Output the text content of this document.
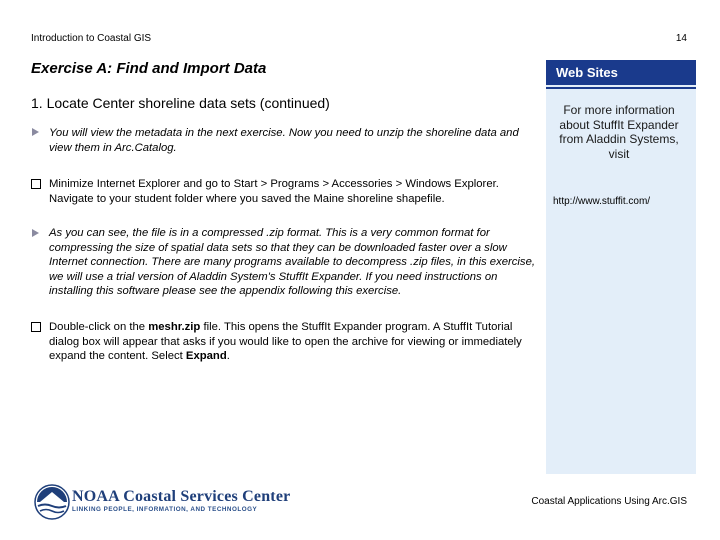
Introduction to Coastal GIS	14
Exercise A: Find and Import Data
1. Locate Center shoreline data sets (continued)
You will view the metadata in the next exercise. Now you need to unzip the shoreline data and view them in Arc.Catalog.
Minimize Internet Explorer and go to Start > Programs > Accessories > Windows Explorer. Navigate to your student folder where you saved the Maine shoreline shapefile.
As you can see, the file is in a compressed .zip format. This is a very common format for compressing the size of spatial data sets so that they can be downloaded faster over a slow Internet connection. There are many programs available to decompress .zip files, in this exercise, we will use a trial version of Aladdin System's StuffIt Expander. If you need instructions on installing this software please see the appendix following this exercise.
Double-click on the meshr.zip file. This opens the StuffIt Expander program. A StuffIt Tutorial dialog box will appear that asks if you would like to open the archive for viewing or immediately expand the content. Select Expand.
Web Sites
For more information about StuffIt Expander from Aladdin Systems, visit
http://www.stuffit.com/
NOAA Coastal Services Center
LINKING PEOPLE, INFORMATION, AND TECHNOLOGY
Coastal Applications Using Arc.GIS
